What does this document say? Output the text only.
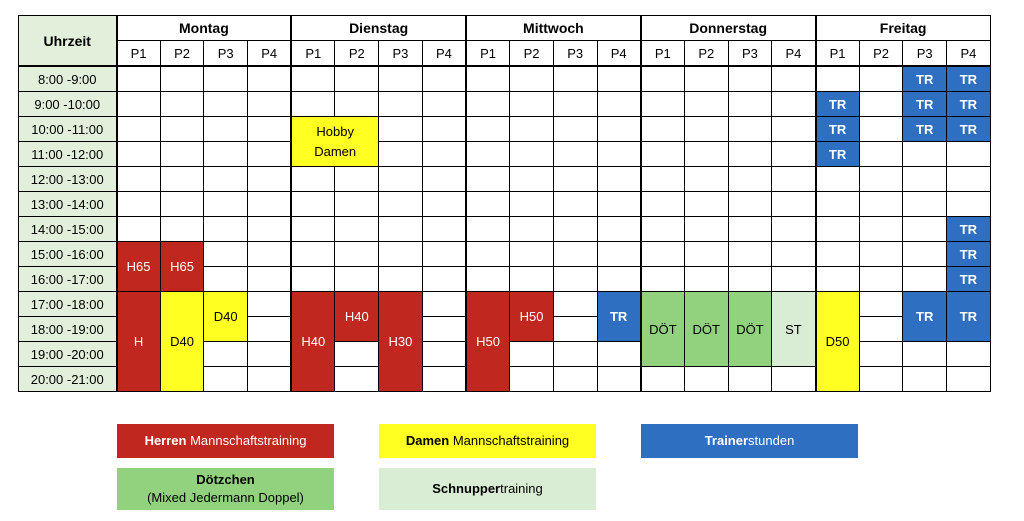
Uhrzeit	Montag				Dienstag				Mittwoch				Donnerstag				Freitag			
	P1	P2	P3	P4	P1	P2	P3	P4	P1	P2	P3	P4	P1	P2	P3	P4	P1	P2	P3	P4
8:00 -9:00																			TR	TR
9:00 -10:00																	TR		TR	TR
10:00 -11:00					Hobby Damen												TR		TR	TR
11:00 -12:00																	TR			
12:00 -13:00																				
13:00 -14:00																				
14:00 -15:00																				TR
15:00 -16:00	H65	H65																		TR
16:00 -17:00																				TR
17:00 -18:00	H	D40	D40		H40	H40	H30		H50	H50		TR	DÖT	DÖT	DÖT	ST	D50		TR	TR
18:00 -19:00																				
19:00 -20:00																				
20:00 -21:00																				
Herren Mannschaftstraining	Damen Mannschaftstraining	Trainerstunden
Dötzchen
(Mixed Jedermann Doppel)
Schnuppertraining
